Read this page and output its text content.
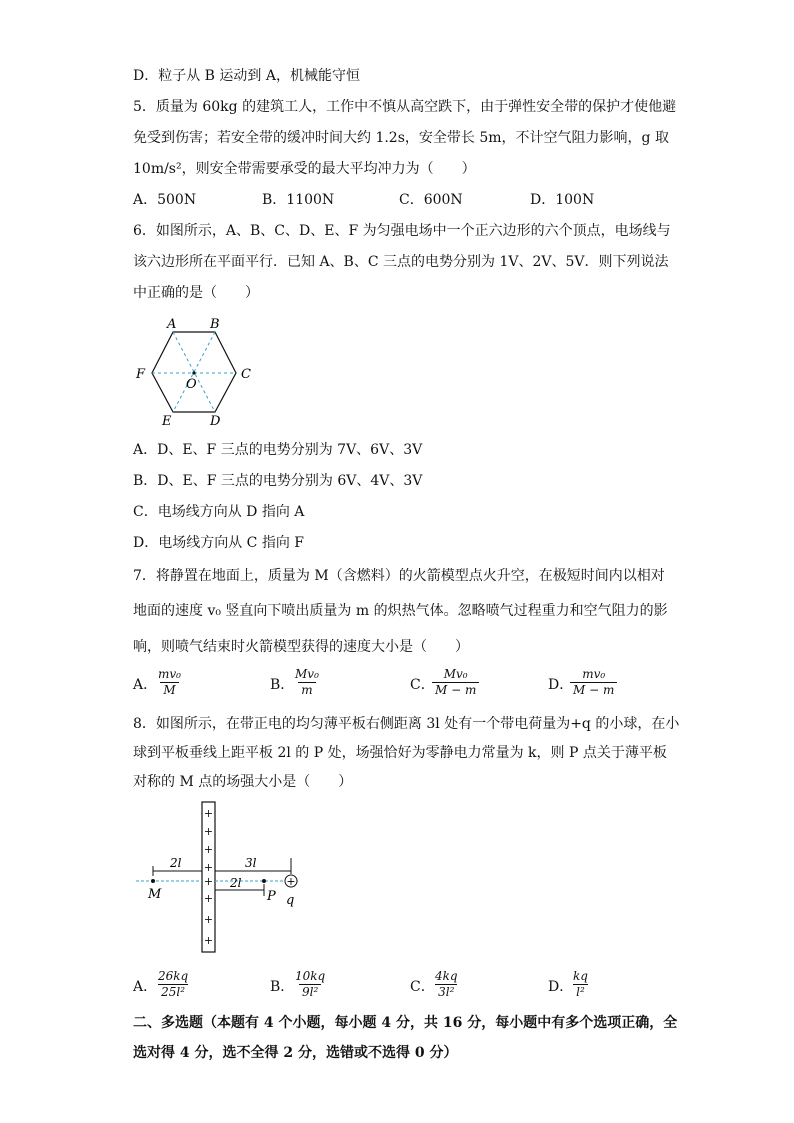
D．粒子从 B 运动到 A，机械能守恒
5．质量为 60kg 的建筑工人，工作中不慎从高空跌下，由于弹性安全带的保护才使他避
免受到伤害；若安全带的缓冲时间大约 1.2s，安全带长 5m，不计空气阻力影响，g 取
10m/s²，则安全带需要承受的最大平均冲力为（　　）
A．500N	B．1100N	C．600N	D．100N
6．如图所示，A、B、C、D、E、F 为匀强电场中一个正六边形的六个顶点，电场线与
该六边形所在平面平行．已知 A、B、C 三点的电势分别为 1V、2V、5V．则下列说法
中正确的是（　　）
A	B
C
D
E
F
O
A．D、E、F 三点的电势分别为 7V、6V、3V
B．D、E、F 三点的电势分别为 6V、4V、3V
C．电场线方向从 D 指向 A
D．电场线方向从 C 指向 F
7．将静置在地面上，质量为 M（含燃料）的火箭模型点火升空，在极短时间内以相对
地面的速度 v₀ 竖直向下喷出质量为 m 的炽热气体。忽略喷气过程重力和空气阻力的影
响，则喷气结束时火箭模型获得的速度大小是（　　）
A．
$\frac{\text{mv₀}}{M}$	B．
$\frac{\text{Mv₀}}{m}$	C．
$\frac{\text{Mv₀}}{M - m}$	D．
$\frac{\text{mv₀}}{M - m}$
8．如图所示，在带正电的均匀薄平板右侧距离 3l 处有一个带电荷量为+q 的小球，在小
球到平板垂线上距平板 2l 的 P 处，场强恰好为零静电力常量为 k，则 P 点关于薄平板
对称的 M 点的场强大小是（　　）
+
+
+
+
+
+
+
+
+
M	P q
2l	3l
2l
A．
$\frac{26kq}{\text{25l²}}$	B．
$\frac{10kq}{\text{9l²}}$	C．
$\frac{4kq}{\text{3l²}}$	D．
$\frac{kq}{\text{l²}}$
二、多选题（本题有 4 个小题，每小题 4 分，共 16 分，每小题中有多个选项正确，全
选对得 4 分，选不全得 2 分，选错或不选得 0 分）
